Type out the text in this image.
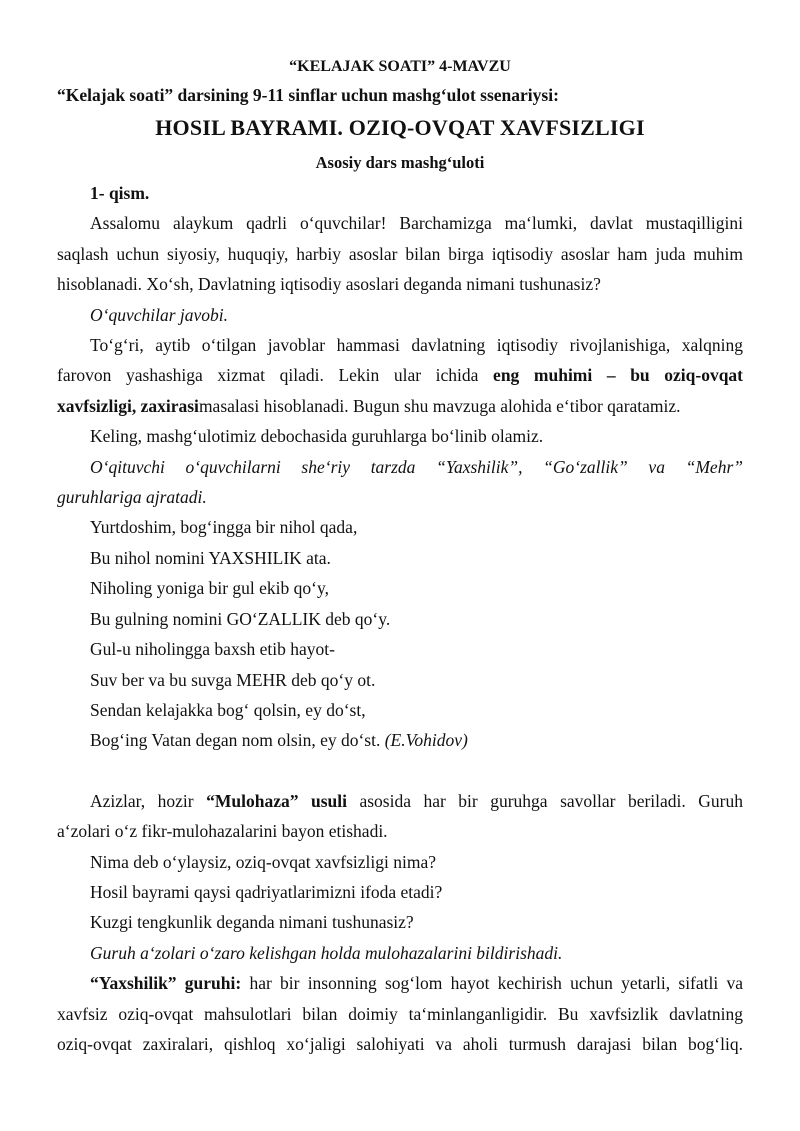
“KELAJAK SOATI” 4-MAVZU

“Kelajak soati” darsining 9-11 sinflar uchun mashg‘ulot ssenariysi:

HOSIL BAYRAMI. OZIQ-OVQAT XAVFSIZLIGI

Asosiy dars mashg‘uloti

1- qism.

Assalomu alaykum qadrli o‘quvchilar! Barchamizga ma‘lumki, davlat mustaqilligini

saqlash uchun siyosiy, huquqiy, harbiy asoslar bilan birga iqtisodiy asoslar ham juda muhim

hisoblanadi. Xo‘sh, Davlatning iqtisodiy asoslari deganda nimani tushunasiz?

O‘quvchilar javobi.

To‘g‘ri, aytib o‘tilgan javoblar hammasi davlatning iqtisodiy rivojlanishiga, xalqning

farovon yashashiga xizmat qiladi. Lekin ular ichida eng muhimi – bu oziq-ovqat

xavfsizligi, zaxirasimasalasi hisoblanadi. Bugun shu mavzuga alohida e‘tibor qaratamiz.

Keling, mashg‘ulotimiz debochasida guruhlarga bo‘linib olamiz.

O‘qituvchi o‘quvchilarni she‘riy tarzda “Yaxshilik”, “Go‘zallik” va “Mehr”

guruhlariga ajratadi.

Yurtdoshim, bog‘ingga bir nihol qada,

Bu nihol nomini YAXSHILIK ata.

Niholing yoniga bir gul ekib qo‘y,

Bu gulning nomini GO‘ZALLIK deb qo‘y.

Gul-u niholingga baxsh etib hayot-

Suv ber va bu suvga MEHR deb qo‘y ot.

Sendan kelajakka bog‘ qolsin, ey do‘st,

Bog‘ing Vatan degan nom olsin, ey do‘st. (E.Vohidov)

Azizlar, hozir “Mulohaza” usuli asosida har bir guruhga savollar beriladi. Guruh

a‘zolari o‘z fikr-mulohazalarini bayon etishadi.

Nima deb o‘ylaysiz, oziq-ovqat xavfsizligi nima?

Hosil bayrami qaysi qadriyatlarimizni ifoda etadi?

Kuzgi tengkunlik deganda nimani tushunasiz?

Guruh a‘zolari o‘zaro kelishgan holda mulohazalarini bildirishadi.

“Yaxshilik” guruhi: har bir insonning sog‘lom hayot kechirish uchun yetarli, sifatli va

xavfsiz oziq-ovqat mahsulotlari bilan doimiy ta‘minlanganligidir. Bu xavfsizlik davlatning

oziq-ovqat zaxiralari, qishloq xo‘jaligi salohiyati va aholi turmush darajasi bilan bog‘liq.
